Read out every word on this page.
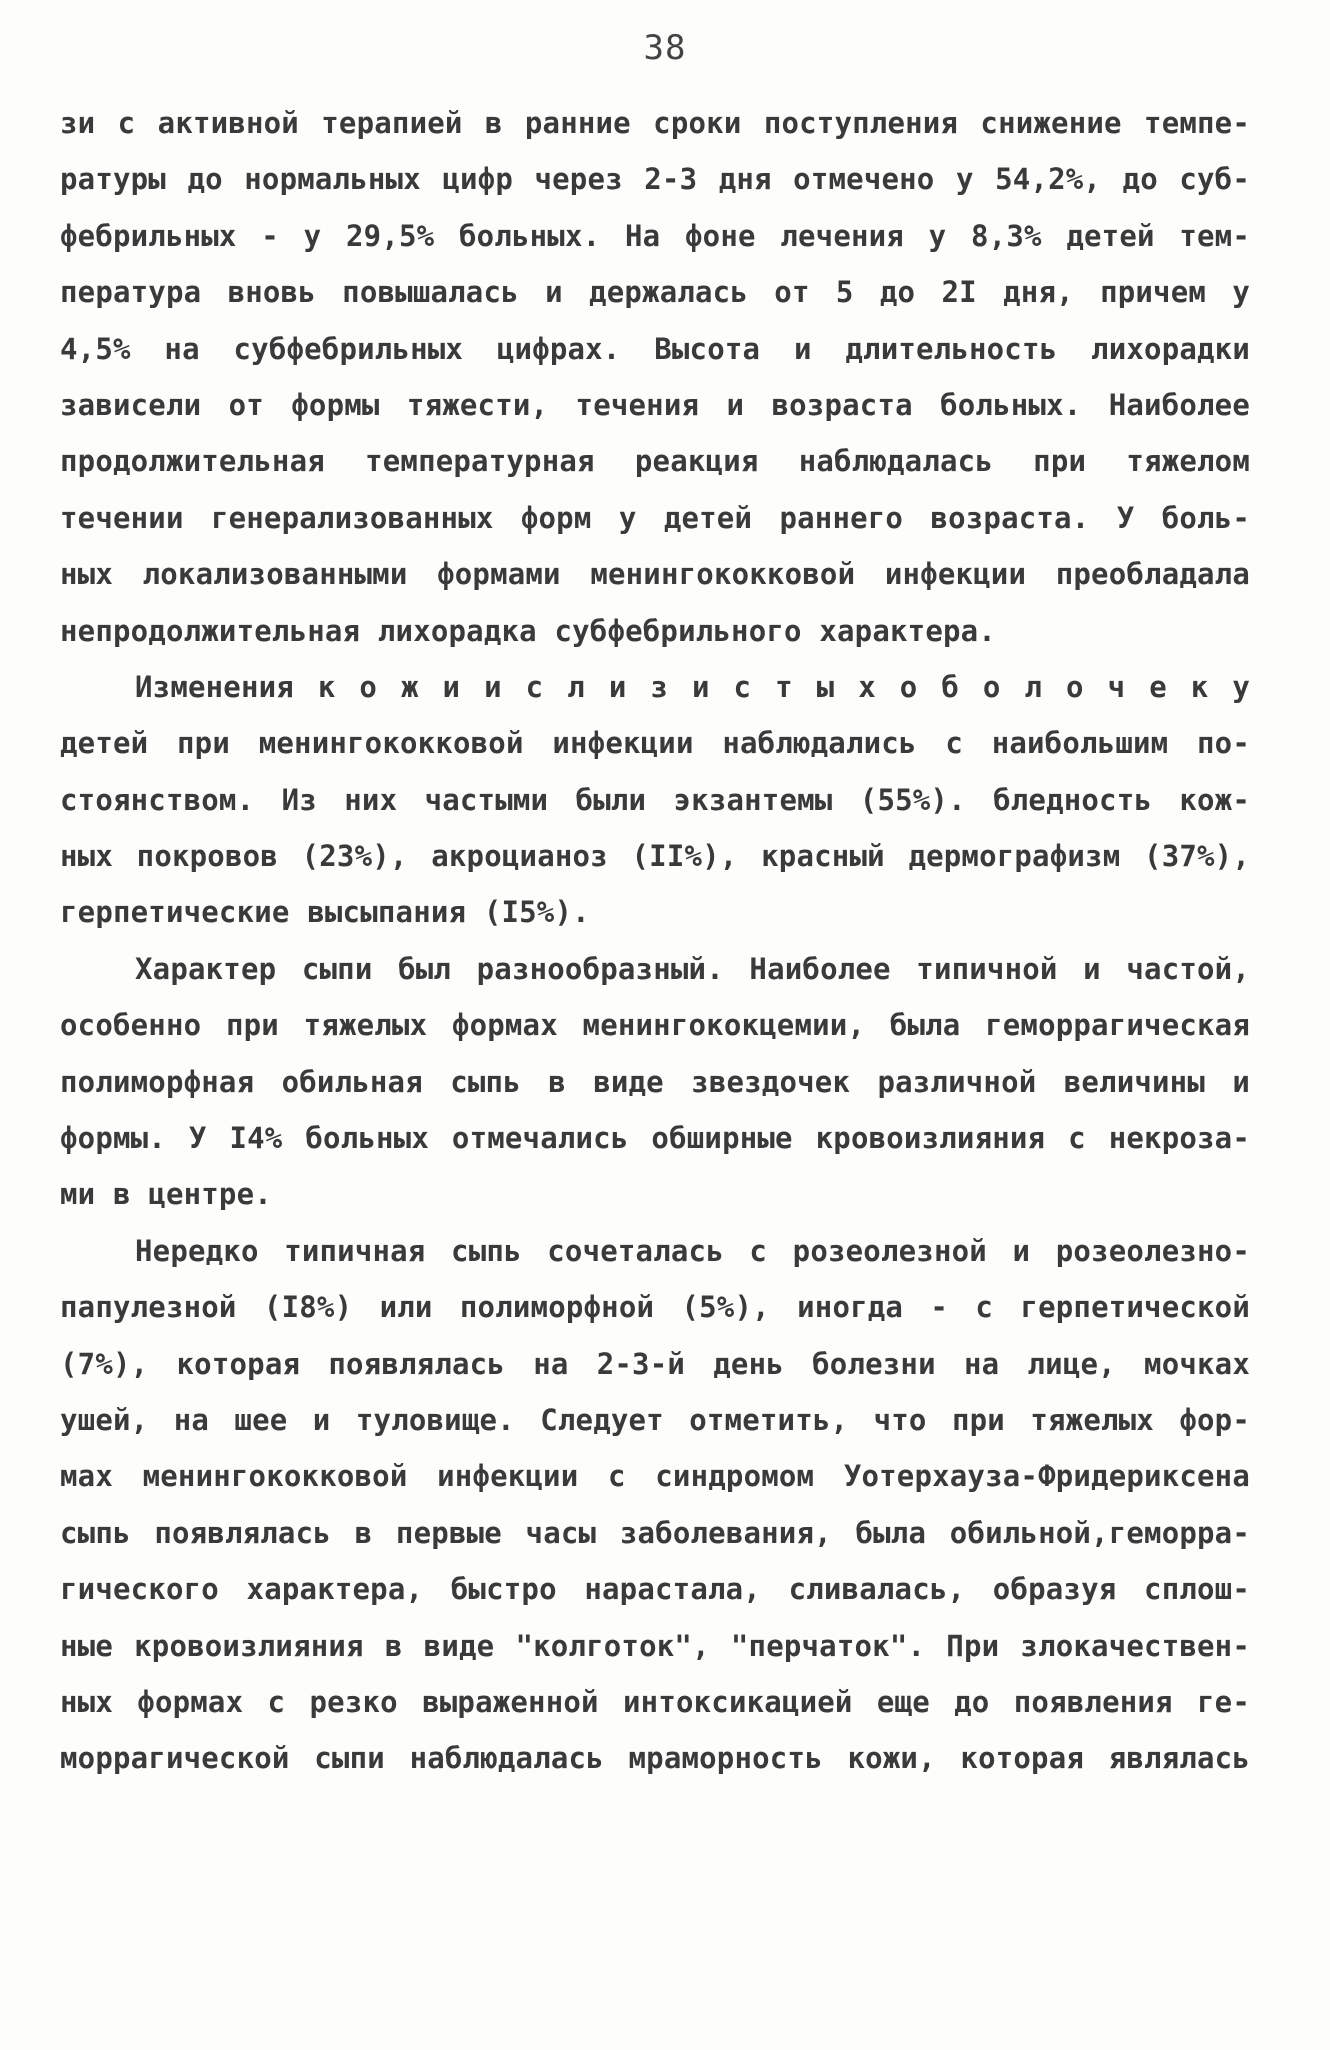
38
зи с активной терапией в ранние сроки поступления снижение темпе-
ратуры до нормальных цифр через 2-3 дня отмечено у 54,2%, до суб-
фебрильных - у 29,5% больных. На фоне лечения у 8,3% детей тем-
пература вновь повышалась и держалась от 5 до 2I дня, причем у
4,5% на субфебрильных цифрах. Высота и длительность лихорадки
зависели от формы тяжести, течения и возраста больных. Наиболее
продолжительная температурная реакция наблюдалась при тяжелом
течении генерализованных форм у детей раннего возраста. У боль-
ных локализованными формами менингококковой инфекции преобладала
непродолжительная лихорадка субфебрильного характера.
Изменения к о ж и и с л и з и с т ы х о б о л о ч е к у
детей при менингококковой инфекции наблюдались с наибольшим по-
стоянством. Из них частыми были экзантемы (55%). бледность кож-
ных покровов (23%), акроцианоз (II%), красный дермографизм (37%),
герпетические высыпания (I5%).
Характер сыпи был разнообразный. Наиболее типичной и частой,
особенно при тяжелых формах менингококцемии, была геморрагическая
полиморфная обильная сыпь в виде звездочек различной величины и
формы. У I4% больных отмечались обширные кровоизлияния с некроза-
ми в центре.
Нередко типичная сыпь сочеталась с розеолезной и розеолезно-
папулезной (I8%) или полиморфной (5%), иногда - с герпетической
(7%), которая появлялась на 2-3-й день болезни на лице, мочках
ушей, на шее и туловище. Следует отметить, что при тяжелых фор-
мах менингококковой инфекции с синдромом Уотерхауза-Фридериксена
сыпь появлялась в первые часы заболевания, была обильной,геморра-
гического характера, быстро нарастала, сливалась, образуя сплош-
ные кровоизлияния в виде "колготок", "перчаток". При злокачествен-
ных формах с резко выраженной интоксикацией еще до появления ге-
моррагической сыпи наблюдалась мраморность кожи, которая являлась
